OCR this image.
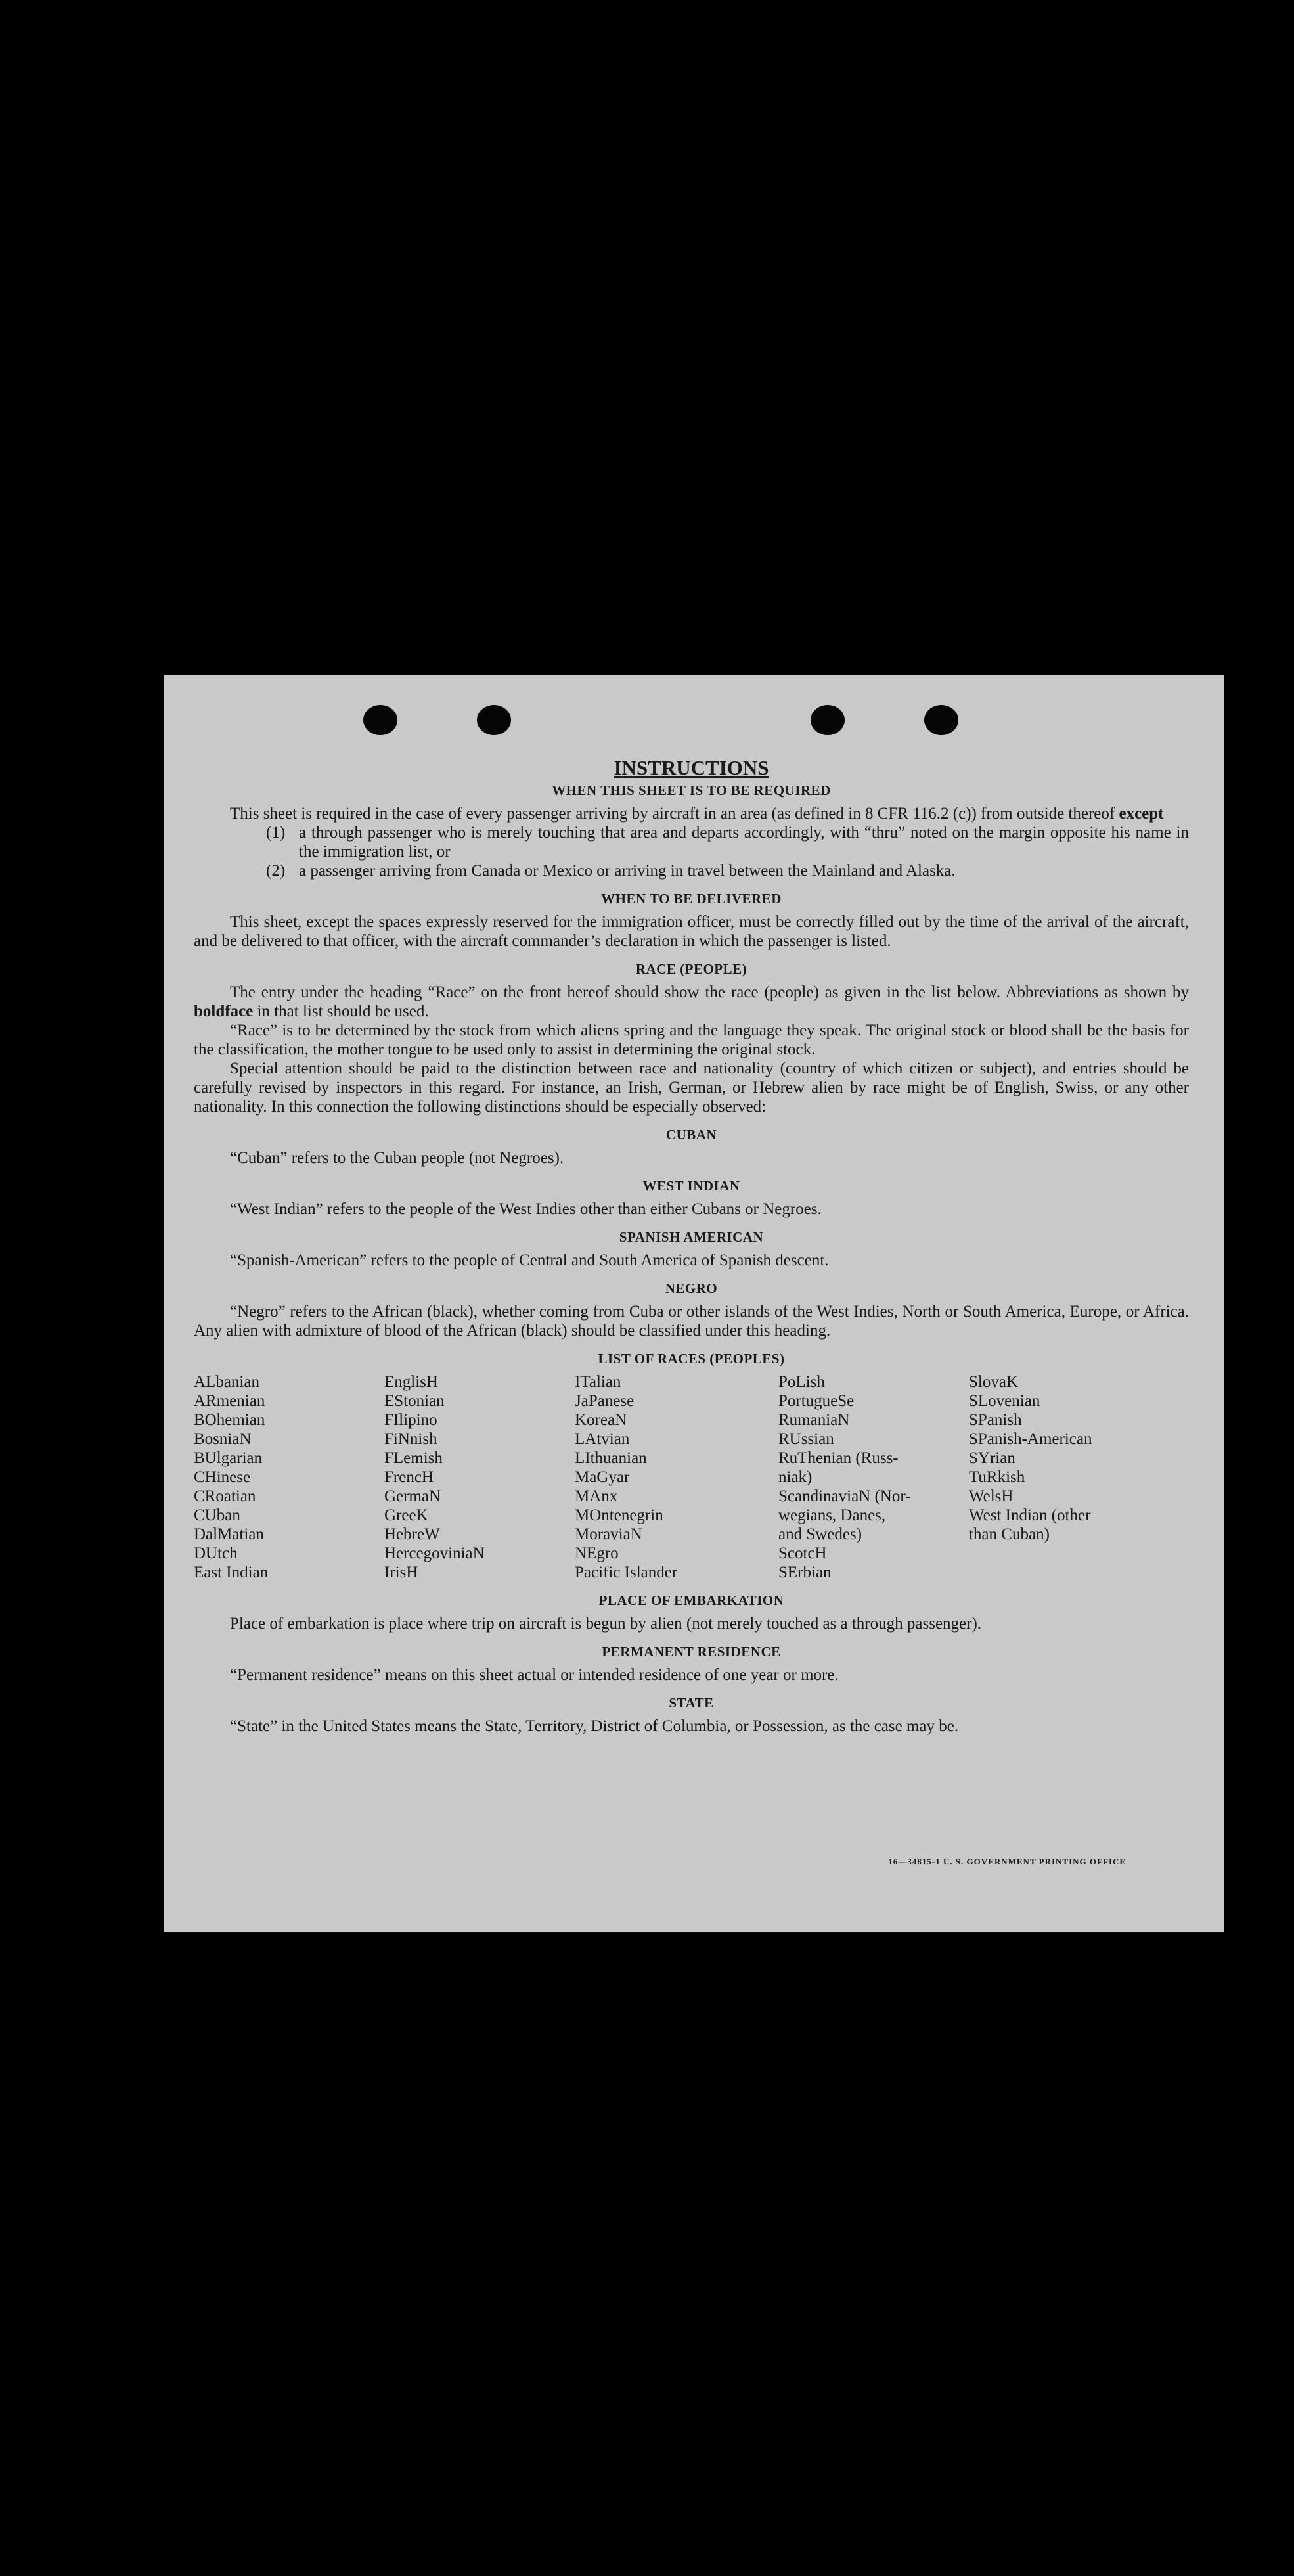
INSTRUCTIONS
WHEN THIS SHEET IS TO BE REQUIRED

This sheet is required in the case of every passenger arriving by aircraft in an area (as defined in 8 CFR 116.2 (c)) from outside thereof except

(1) a through passenger who is merely touching that area and departs accordingly, with “thru” noted on the margin opposite his name in the immigration list, or
(2) a passenger arriving from Canada or Mexico or arriving in travel between the Mainland and Alaska.
WHEN TO BE DELIVERED

This sheet, except the spaces expressly reserved for the immigration officer, must be correctly filled out by the time of the arrival of the aircraft, and be delivered to that officer, with the aircraft commander’s declaration in which the passenger is listed.

RACE (PEOPLE)

The entry under the heading “Race” on the front hereof should show the race (people) as given in the list below. Abbreviations as shown by boldface in that list should be used.

“Race” is to be determined by the stock from which aliens spring and the language they speak. The original stock or blood shall be the basis for the classification, the mother tongue to be used only to assist in determining the original stock.

Special attention should be paid to the distinction between race and nationality (country of which citizen or subject), and entries should be carefully revised by inspectors in this regard. For instance, an Irish, German, or Hebrew alien by race might be of English, Swiss, or any other nationality. In this connection the following distinctions should be especially observed:

CUBAN

“Cuban” refers to the Cuban people (not Negroes).

WEST INDIAN

“West Indian” refers to the people of the West Indies other than either Cubans or Negroes.

SPANISH AMERICAN

“Spanish-American” refers to the people of Central and South America of Spanish descent.

NEGRO

“Negro” refers to the African (black), whether coming from Cuba or other islands of the West Indies, North or South America, Europe, or Africa. Any alien with admixture of blood of the African (black) should be classified under this heading.

LIST OF RACES (PEOPLES)
ALbanian
ARmenian
BOhemian
BosniaN
BUlgarian
CHinese
CRoatian
CUban
DalMatian
DUtch
East Indian
EnglisH
EStonian
FIlipino
FiNnish
FLemish
FrencH
GermaN
GreeK
HebreW
HercegoviniaN
IrisH
ITalian
JaPanese
KoreaN
LAtvian
LIthuanian
MaGyar
MAnx
MOntenegrin
MoraviaN
NEgro
Pacific Islander
PoLish
PortugueSe
RumaniaN
RUssian
RuThenian (Russ-
niak)
ScandinaviaN (Nor-
wegians, Danes,
and Swedes)
ScotcH
SErbian
SlovaK
SLovenian
SPanish
SPanish-American
SYrian
TuRkish
WelsH
West Indian (other
than Cuban)
PLACE OF EMBARKATION

Place of embarkation is place where trip on aircraft is begun by alien (not merely touched as a through passenger).

PERMANENT RESIDENCE

“Permanent residence” means on this sheet actual or intended residence of one year or more.

STATE

“State” in the United States means the State, Territory, District of Columbia, or Possession, as the case may be.

16—34815-1 U. S. GOVERNMENT PRINTING OFFICE
